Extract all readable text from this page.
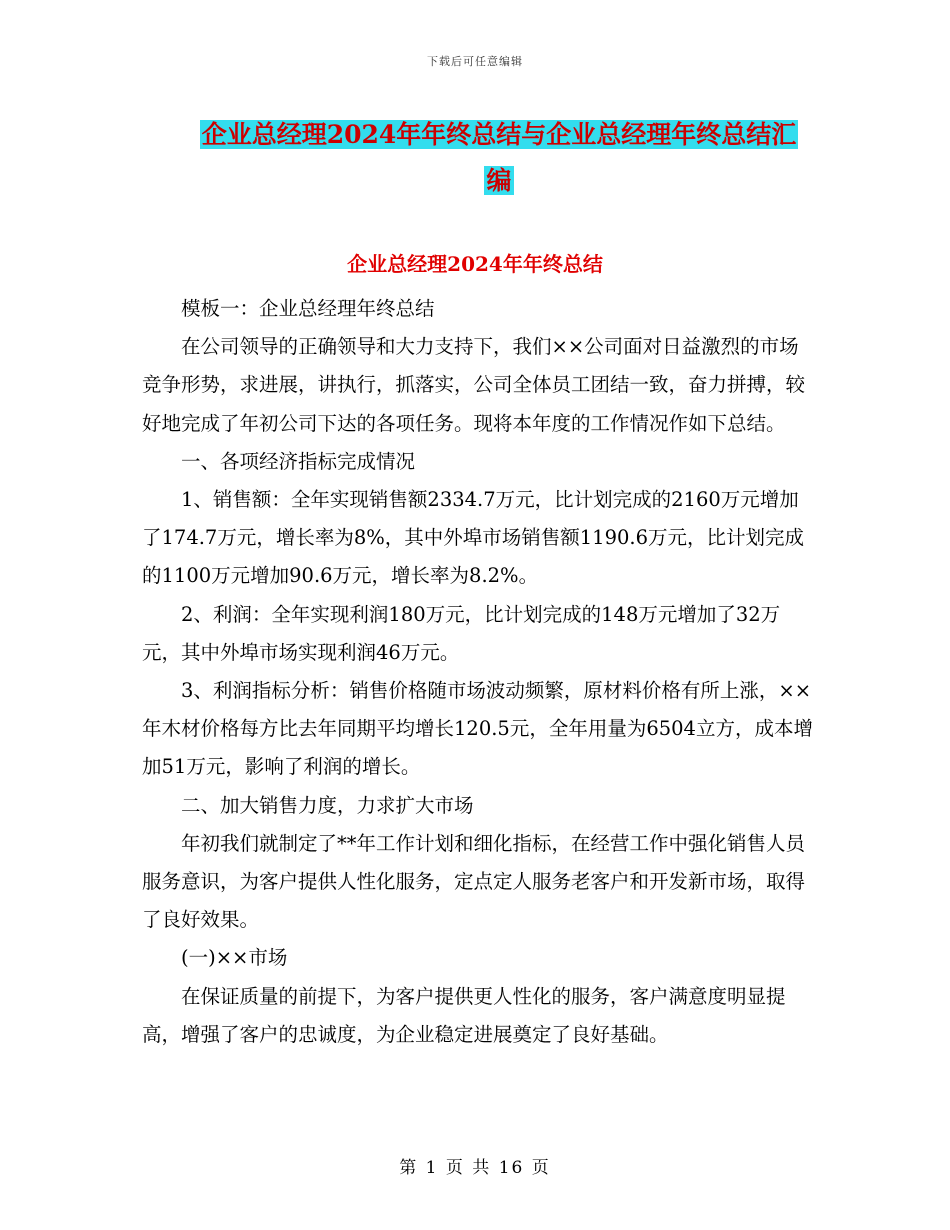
下载后可任意编辑
企业总经理2024年年终总结与企业总经理年终总结汇
编
企业总经理2024年年终总结

模板一：企业总经理年终总结

在公司领导的正确领导和大力支持下，我们××公司面对日益激烈的市场竞争形势，求进展，讲执行，抓落实，公司全体员工团结一致，奋力拼搏，较好地完成了年初公司下达的各项任务。现将本年度的工作情况作如下总结。

一、各项经济指标完成情况

1、销售额：全年实现销售额2334.7万元，比计划完成的2160万元增加了174.7万元，增长率为8%，其中外埠市场销售额1190.6万元，比计划完成的1100万元增加90.6万元，增长率为8.2%。

2、利润：全年实现利润180万元，比计划完成的148万元增加了32万元，其中外埠市场实现利润46万元。

3、利润指标分析：销售价格随市场波动频繁，原材料价格有所上涨，××年木材价格每方比去年同期平均增长120.5元，全年用量为6504立方，成本增加51万元，影响了利润的增长。

二、加大销售力度，力求扩大市场

年初我们就制定了**年工作计划和细化指标，在经营工作中强化销售人员服务意识，为客户提供人性化服务，定点定人服务老客户和开发新市场，取得了良好效果。

(一)××市场

在保证质量的前提下，为客户提供更人性化的服务，客户满意度明显提高，增强了客户的忠诚度，为企业稳定进展奠定了良好基础。

第 1 页 共 16 页
